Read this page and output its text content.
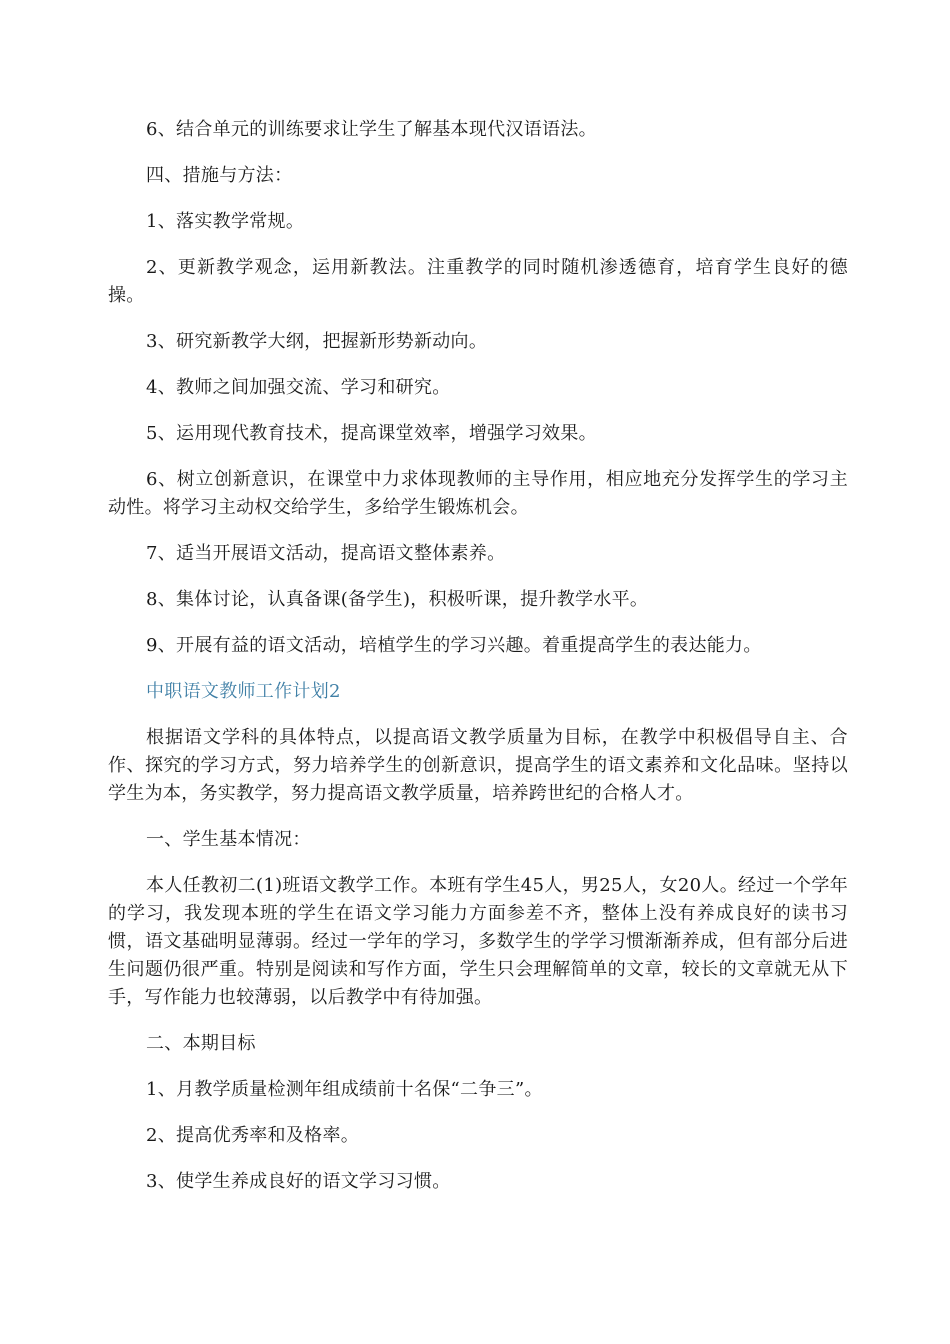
6、结合单元的训练要求让学生了解基本现代汉语语法。

四、措施与方法：

1、落实教学常规。

2、更新教学观念，运用新教法。注重教学的同时随机渗透德育，培育学生良好的德操。

3、研究新教学大纲，把握新形势新动向。

4、教师之间加强交流、学习和研究。

5、运用现代教育技术，提高课堂效率，增强学习效果。

6、树立创新意识，在课堂中力求体现教师的主导作用，相应地充分发挥学生的学习主动性。将学习主动权交给学生，多给学生锻炼机会。

7、适当开展语文活动，提高语文整体素养。

8、集体讨论，认真备课(备学生)，积极听课，提升教学水平。

9、开展有益的语文活动，培植学生的学习兴趣。着重提高学生的表达能力。

中职语文教师工作计划2

根据语文学科的具体特点，以提高语文教学质量为目标，在教学中积极倡导自主、合作、探究的学习方式，努力培养学生的创新意识，提高学生的语文素养和文化品味。坚持以学生为本，务实教学，努力提高语文教学质量，培养跨世纪的合格人才。

一、学生基本情况：

本人任教初二(1)班语文教学工作。本班有学生45人，男25人，女20人。经过一个学年的学习，我发现本班的学生在语文学习能力方面参差不齐，整体上没有养成良好的读书习惯，语文基础明显薄弱。经过一学年的学习，多数学生的学学习惯渐渐养成，但有部分后进生问题仍很严重。特别是阅读和写作方面，学生只会理解简单的文章，较长的文章就无从下手，写作能力也较薄弱，以后教学中有待加强。

二、本期目标

1、月教学质量检测年组成绩前十名保“二争三”。

2、提高优秀率和及格率。

3、使学生养成良好的语文学习习惯。
